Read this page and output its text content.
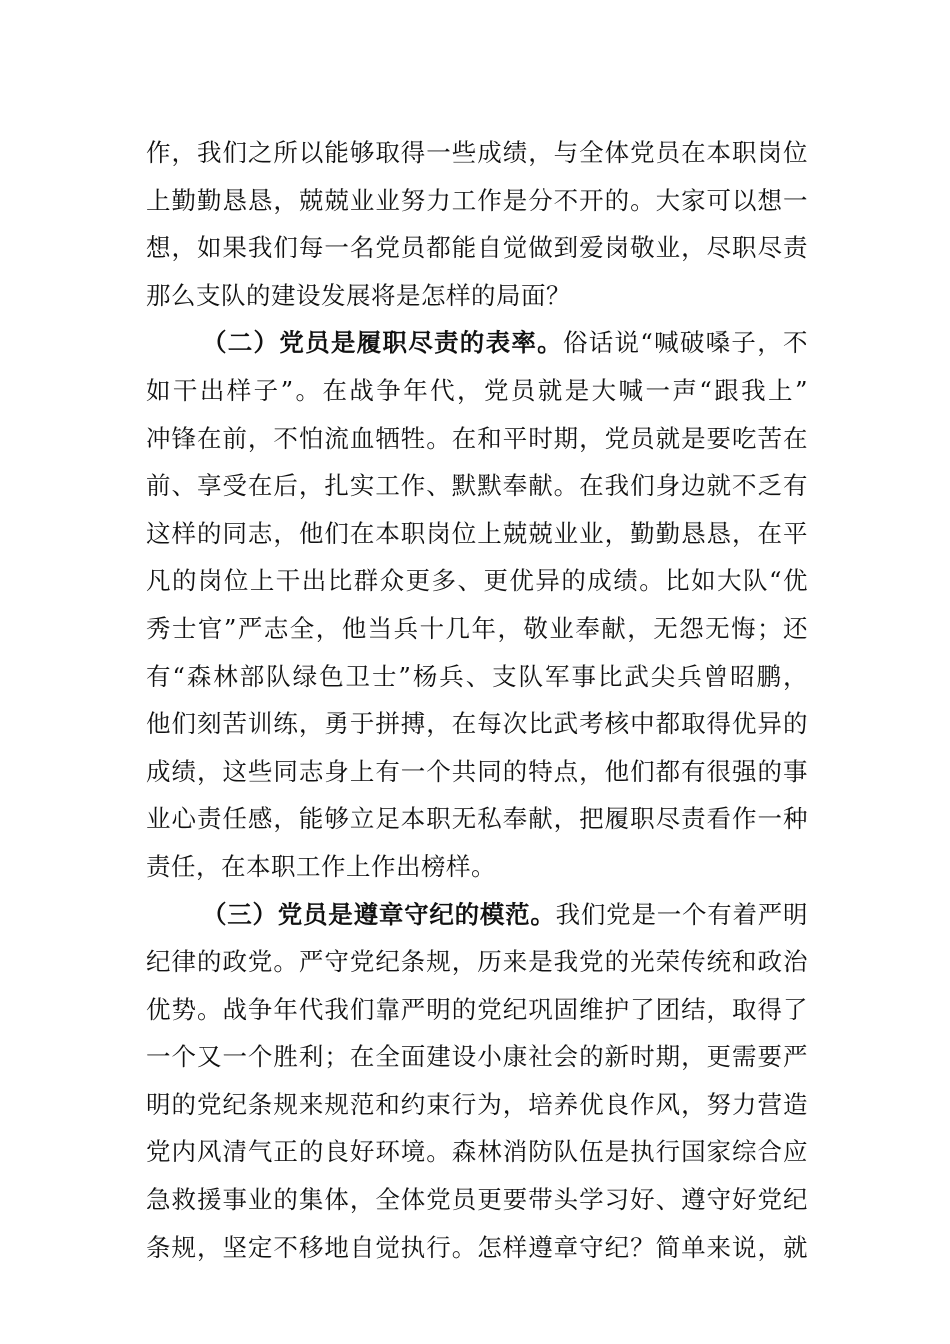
作，我们之所以能够取得一些成绩，与全体党员在本职岗位
上勤勤恳恳，兢兢业业努力工作是分不开的。大家可以想一
想，如果我们每一名党员都能自觉做到爱岗敬业，尽职尽责
那么支队的建设发展将是怎样的局面？
（二）党员是履职尽责的表率。俗话说“喊破嗓子，不
如干出样子”。在战争年代，党员就是大喊一声“跟我上”
冲锋在前，不怕流血牺牲。在和平时期，党员就是要吃苦在
前、享受在后，扎实工作、默默奉献。在我们身边就不乏有
这样的同志，他们在本职岗位上兢兢业业，勤勤恳恳，在平
凡的岗位上干出比群众更多、更优异的成绩。比如大队“优
秀士官”严志全，他当兵十几年，敬业奉献，无怨无悔；还
有“森林部队绿色卫士”杨兵、支队军事比武尖兵曾昭鹏，
他们刻苦训练，勇于拼搏，在每次比武考核中都取得优异的
成绩，这些同志身上有一个共同的特点，他们都有很强的事
业心责任感，能够立足本职无私奉献，把履职尽责看作一种
责任，在本职工作上作出榜样。
（三）党员是遵章守纪的模范。我们党是一个有着严明
纪律的政党。严守党纪条规，历来是我党的光荣传统和政治
优势。战争年代我们靠严明的党纪巩固维护了团结，取得了
一个又一个胜利；在全面建设小康社会的新时期，更需要严
明的党纪条规来规范和约束行为，培养优良作风，努力营造
党内风清气正的良好环境。森林消防队伍是执行国家综合应
急救援事业的集体，全体党员更要带头学习好、遵守好党纪
条规，坚定不移地自觉执行。怎样遵章守纪？简单来说，就
